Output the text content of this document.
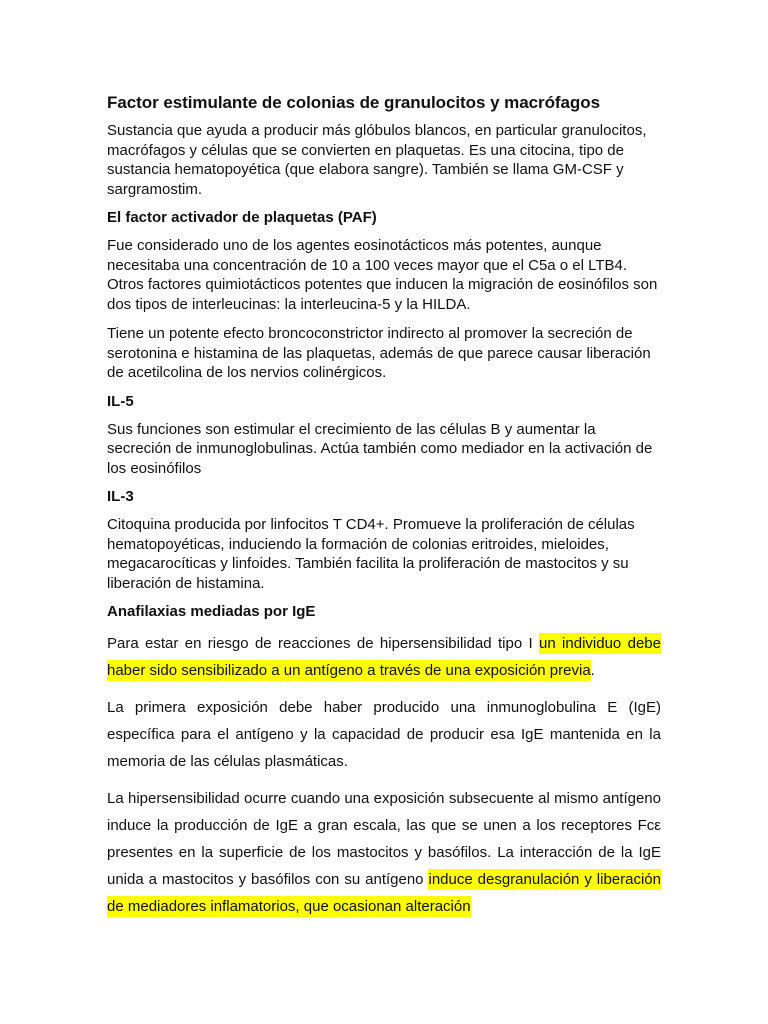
Factor estimulante de colonias de granulocitos y macrófagos

Sustancia que ayuda a producir más glóbulos blancos, en particular granulocitos, macrófagos y células que se convierten en plaquetas. Es una citocina, tipo de sustancia hematopoyética (que elabora sangre). También se llama GM-CSF y sargramostim.

El factor activador de plaquetas (PAF)

Fue considerado uno de los agentes eosinotácticos más potentes, aunque necesitaba una concentración de 10 a 100 veces mayor que el C5a o el LTB4. Otros factores quimiotácticos potentes que inducen la migración de eosinófilos son dos tipos de interleucinas: la interleucina-5 y la HILDA.

Tiene un potente efecto broncoconstrictor indirecto al promover la secreción de serotonina e histamina de las plaquetas, además de que parece causar liberación de acetilcolina de los nervios colinérgicos.

IL-5

Sus funciones son estimular el crecimiento de las células B y aumentar la secreción de inmunoglobulinas. Actúa también como mediador en la activación de los eosinófilos

IL-3

Citoquina producida por linfocitos T CD4+. Promueve la proliferación de células hematopoyéticas, induciendo la formación de colonias eritroides, mieloides, megacarocíticas y linfoides. También facilita la proliferación de mastocitos y su liberación de histamina.

Anafilaxias mediadas por IgE

Para estar en riesgo de reacciones de hipersensibilidad tipo I un individuo debe haber sido sensibilizado a un antígeno a través de una exposición previa.

La primera exposición debe haber producido una inmunoglobulina E (IgE) específica para el antígeno y la capacidad de producir esa IgE mantenida en la memoria de las células plasmáticas.

La hipersensibilidad ocurre cuando una exposición subsecuente al mismo antígeno induce la producción de IgE a gran escala, las que se unen a los receptores Fcε presentes en la superficie de los mastocitos y basófilos. La interacción de la IgE unida a mastocitos y basófilos con su antígeno induce desgranulación y liberación de mediadores inflamatorios, que ocasionan alteración
